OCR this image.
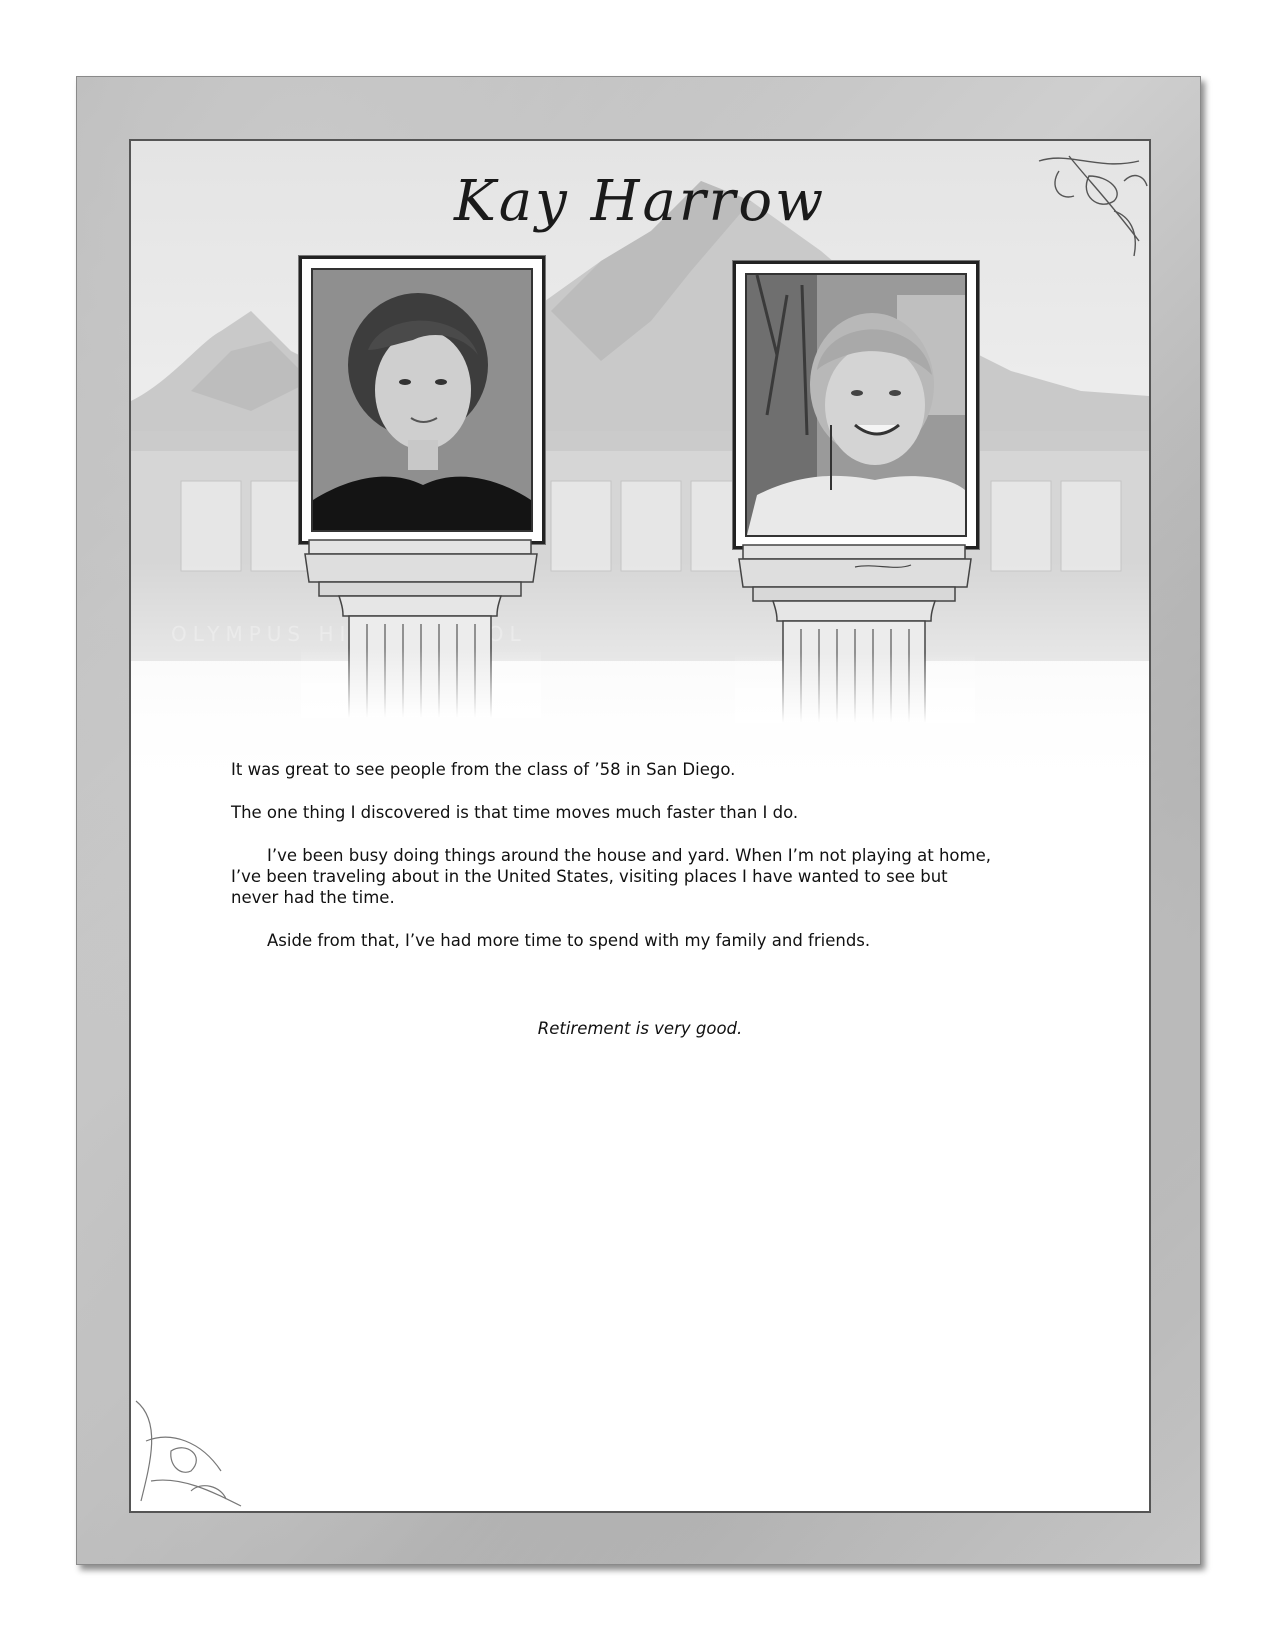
Kay Harrow

It was great to see people from the class of ’58 in San Diego.

The one thing I discovered is that time moves much faster than I do.

I’ve been busy doing things around the house and yard. When I’m not playing at home, I’ve been traveling about in the United States, visiting places I have wanted to see but never had the time.

Aside from that, I’ve had more time to spend with my family and friends.

Retirement is very good.
